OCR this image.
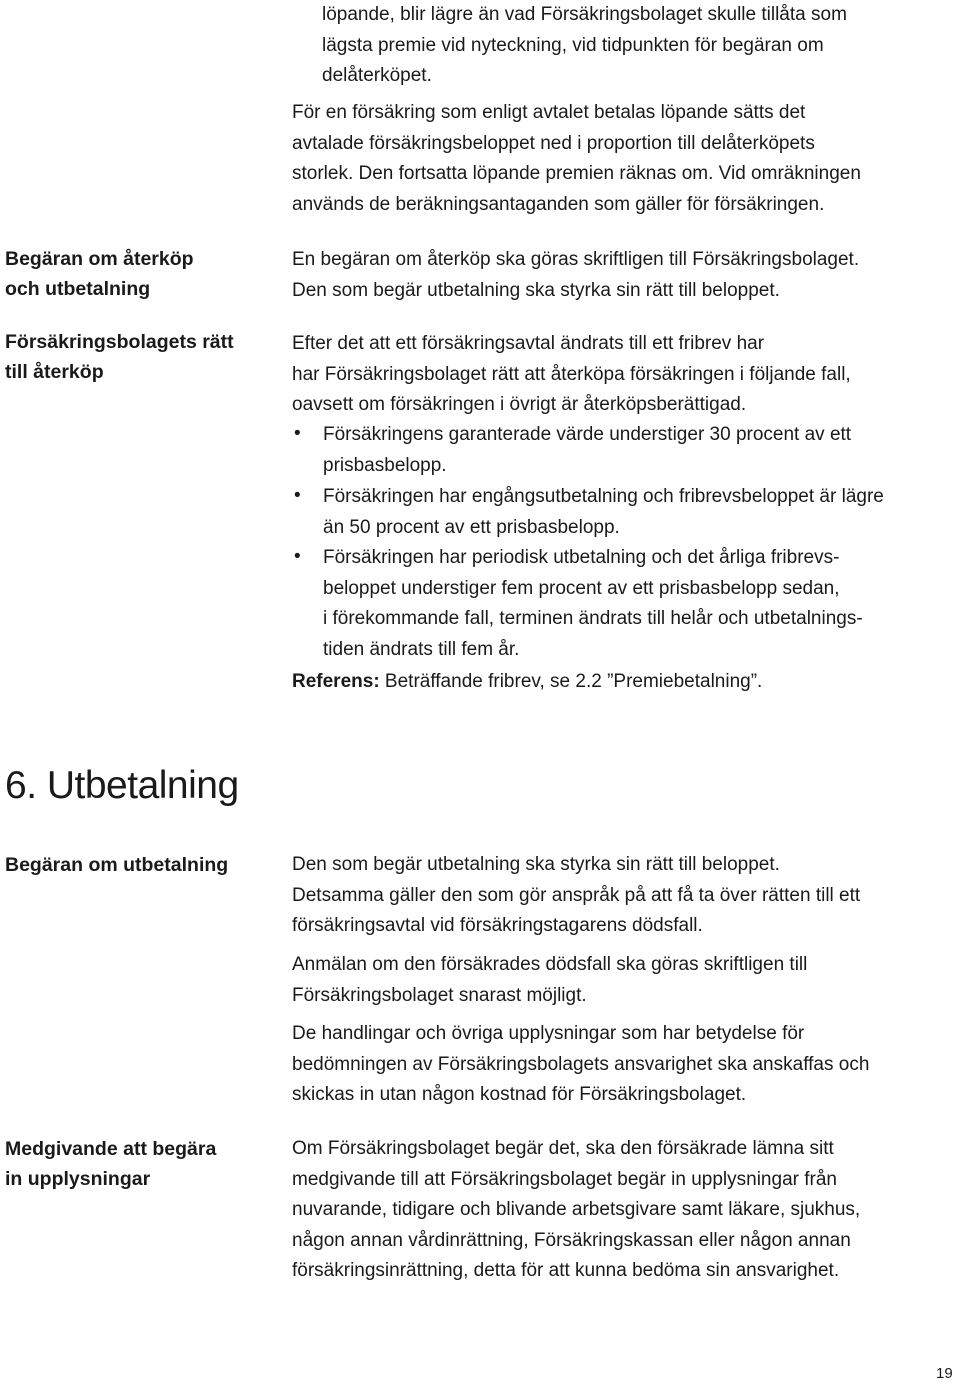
löpande, blir lägre än vad Försäkringsbolaget skulle tillåta som
lägsta premie vid nyteckning, vid tidpunkten för begäran om
delåterköpet.

För en försäkring som enligt avtalet betalas löpande sätts det
avtalade försäkringsbeloppet ned i proportion till delåterköpets
storlek. Den fortsatta löpande premien räknas om. Vid omräkningen
används de beräkningsantaganden som gäller för försäkringen.

Begäran om återköp
och utbetalning

Försäkringsbolagets rätt
till återköp

En begäran om återköp ska göras skriftligen till Försäkringsbolaget.
Den som begär utbetalning ska styrka sin rätt till beloppet.

Efter det att ett försäkringsavtal ändrats till ett fribrev har
har Försäkringsbolaget rätt att återköpa försäkringen i följande fall,
oavsett om försäkringen i övrigt är återköpsberättigad.

• Försäkringens garanterade värde understiger 30 procent av ett
prisbasbelopp.

• Försäkringen har engångsutbetalning och fribrevsbeloppet är lägre
än 50 procent av ett prisbasbelopp.

• Försäkringen har periodisk utbetalning och det årliga fribrevs-
beloppet understiger fem procent av ett prisbasbelopp sedan,
i förekommande fall, terminen ändrats till helår och utbetalnings-
tiden ändrats till fem år.

Referens: Beträffande fribrev, se 2.2 ”Premiebetalning”.

6. Utbetalning

Begäran om utbetalning	Den som begär utbetalning ska styrka sin rätt till beloppet.
Detsamma gäller den som gör anspråk på att få ta över rätten till ett
försäkringsavtal vid försäkringstagarens dödsfall.

Anmälan om den försäkrades dödsfall ska göras skriftligen till
Försäkringsbolaget snarast möjligt.

De handlingar och övriga upplysningar som har betydelse för
bedömningen av Försäkringsbolagets ansvarighet ska anskaffas och
skickas in utan någon kostnad för Försäkringsbolaget.

Medgivande att begära
in upplysningar

Om Försäkringsbolaget begär det, ska den försäkrade lämna sitt
medgivande till att Försäkringsbolaget begär in upplysningar från
nuvarande, tidigare och blivande arbetsgivare samt läkare, sjukhus,
någon annan vårdinrättning, Försäkringskassan eller någon annan
försäkringsinrättning, detta för att kunna bedöma sin ansvarighet.

19
